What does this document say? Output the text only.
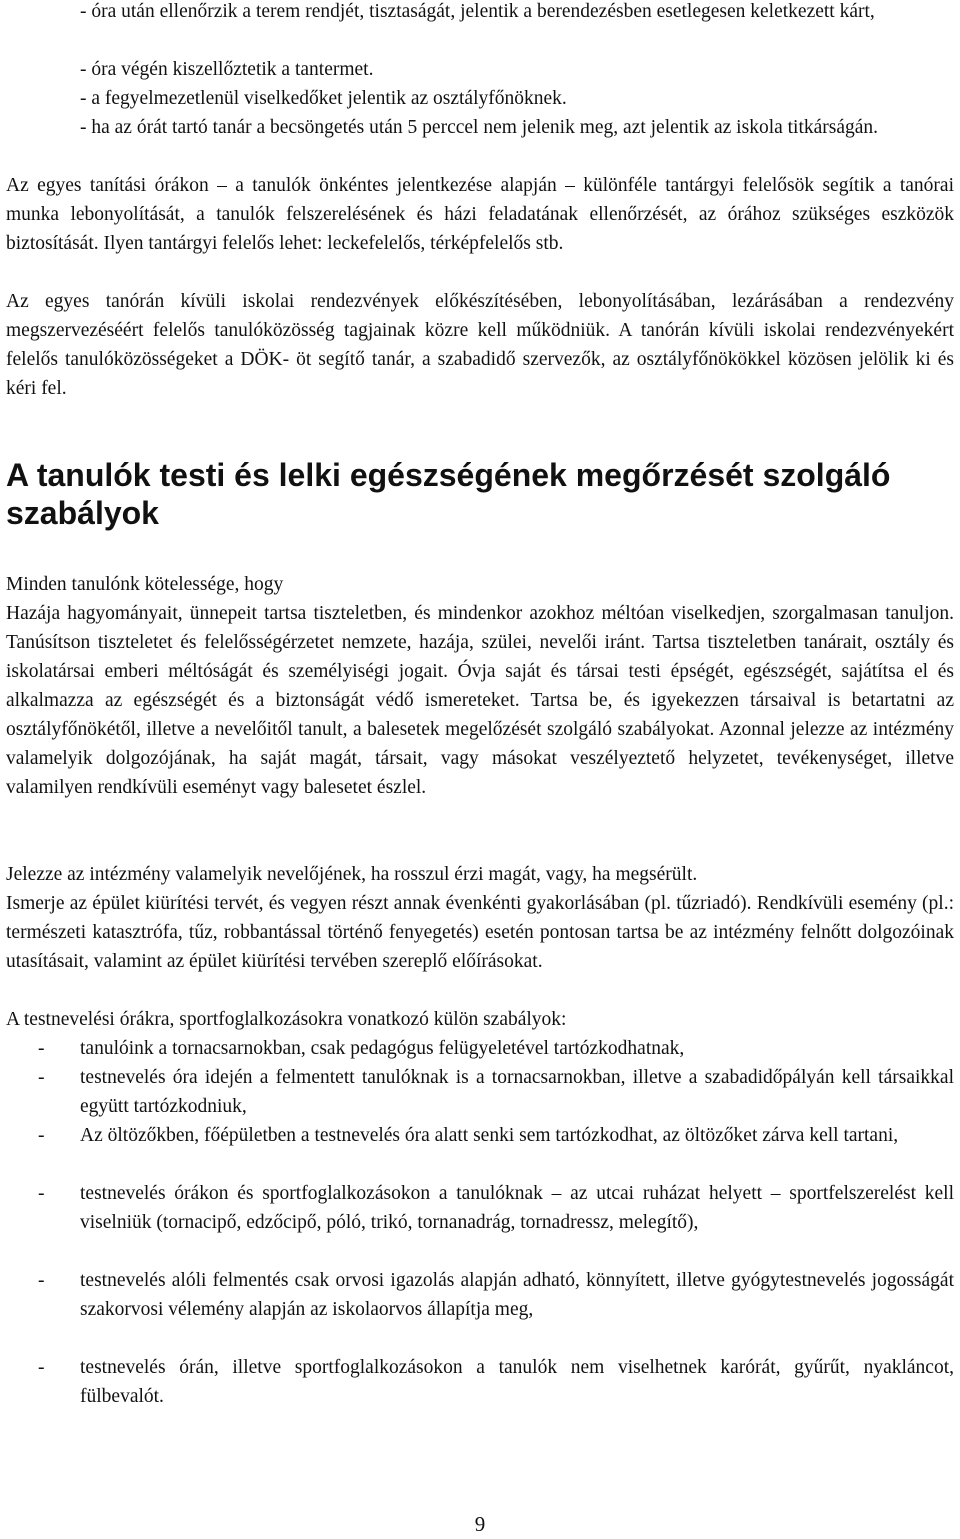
- óra után ellenőrzik a terem rendjét, tisztaságát, jelentik a berendezésben esetlegesen keletkezett kárt,

- óra végén kiszellőztetik a tantermet.

- a fegyelmezetlenül viselkedőket jelentik az osztályfőnöknek.

- ha az órát tartó tanár a becsöngetés után 5 perccel nem jelenik meg, azt jelentik az iskola titkárságán.

Az egyes tanítási órákon – a tanulók önkéntes jelentkezése alapján – különféle tantárgyi felelősök segítik a tanórai munka lebonyolítását, a tanulók felszerelésének és házi feladatának ellenőrzését, az órához szükséges eszközök biztosítását. Ilyen tantárgyi felelős lehet: leckefelelős, térképfelelős stb.

Az egyes tanórán kívüli iskolai rendezvények előkészítésében, lebonyolításában, lezárásában a rendezvény megszervezéséért felelős tanulóközösség tagjainak közre kell működniük. A tanórán kívüli iskolai rendezvényekért felelős tanulóközösségeket a DÖK- öt segítő tanár, a szabadidő szervezők, az osztályfőnökökkel közösen jelölik ki és kéri fel.

A tanulók testi és lelki egészségének megőrzését szolgáló szabályok

Minden tanulónk kötelessége, hogy

Hazája hagyományait, ünnepeit tartsa tiszteletben, és mindenkor azokhoz méltóan viselkedjen, szorgalmasan tanuljon. Tanúsítson tiszteletet és felelősségérzetet nemzete, hazája, szülei, nevelői iránt. Tartsa tiszteletben tanárait, osztály és iskolatársai emberi méltóságát és személyiségi jogait. Óvja saját és társai testi épségét, egészségét, sajátítsa el és alkalmazza az egészségét és a biztonságát védő ismereteket. Tartsa be, és igyekezzen társaival is betartatni az osztályfőnökétől, illetve a nevelőitől tanult, a balesetek megelőzését szolgáló szabályokat. Azonnal jelezze az intézmény valamelyik dolgozójának, ha saját magát, társait, vagy másokat veszélyeztető helyzetet, tevékenységet, illetve valamilyen rendkívüli eseményt vagy balesetet észlel.

Jelezze az intézmény valamelyik nevelőjének, ha rosszul érzi magát, vagy, ha megsérült.

Ismerje az épület kiürítési tervét, és vegyen részt annak évenkénti gyakorlásában (pl. tűzriadó). Rendkívüli esemény (pl.: természeti katasztrófa, tűz, robbantással történő fenyegetés) esetén pontosan tartsa be az intézmény felnőtt dolgozóinak utasításait, valamint az épület kiürítési tervében szereplő előírásokat.

A testnevelési órákra, sportfoglalkozásokra vonatkozó külön szabályok:

- tanulóink a tornacsarnokban, csak pedagógus felügyeletével tartózkodhatnak,
- testnevelés óra idején a felmentett tanulóknak is a tornacsarnokban, illetve a szabadidőpályán kell társaikkal együtt tartózkodniuk,
- Az öltözőkben, főépületben a testnevelés óra alatt senki sem tartózkodhat, az öltözőket zárva kell tartani,
- testnevelés órákon és sportfoglalkozásokon a tanulóknak – az utcai ruházat helyett – sportfelszerelést kell viselniük (tornacipő, edzőcipő, póló, trikó, tornanadrág, tornadressz, melegítő),
- testnevelés alóli felmentés csak orvosi igazolás alapján adható, könnyített, illetve gyógytestnevelés jogosságát szakorvosi vélemény alapján az iskolaorvos állapítja meg,
- testnevelés órán, illetve sportfoglalkozásokon a tanulók nem viselhetnek karórát, gyűrűt, nyakláncot, fülbevalót.
9
